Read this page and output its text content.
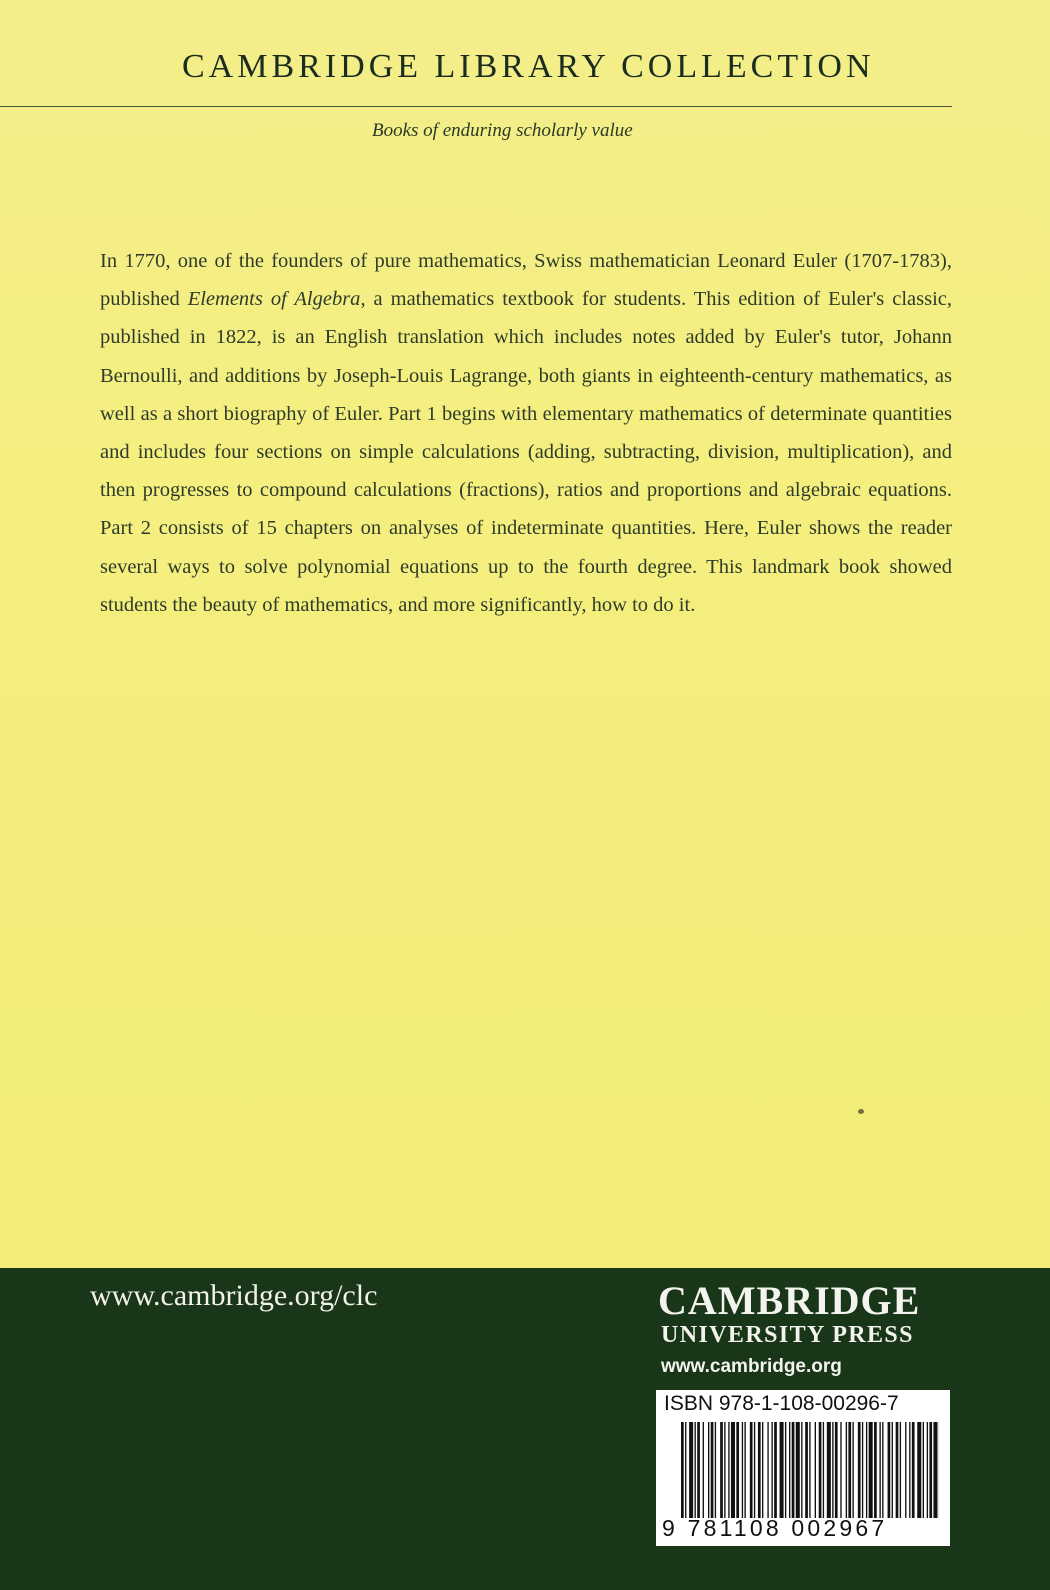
CAMBRIDGE LIBRARY COLLECTION
Books of enduring scholarly value
In 1770, one of the founders of pure mathematics, Swiss mathematician Leonard Euler (1707-1783), published Elements of Algebra, a mathematics textbook for students. This edition of Euler's classic, published in 1822, is an English translation which includes notes added by Euler's tutor, Johann Bernoulli, and additions by Joseph-Louis Lagrange, both giants in eighteenth-century mathematics, as well as a short biography of Euler. Part 1 begins with elementary mathematics of determinate quantities and includes four sections on simple calculations (adding, subtracting, division, multiplication), and then progresses to compound calculations (fractions), ratios and proportions and algebraic equations. Part 2 consists of 15 chapters on analyses of indeterminate quantities. Here, Euler shows the reader several ways to solve polynomial equations up to the fourth degree. This landmark book showed students the beauty of mathematics, and more significantly, how to do it.
www.cambridge.org/clc	CAMBRIDGE
UNIVERSITY PRESS
www.cambridge.org
ISBN 978-1-108-00296-7
9 781108 002967
